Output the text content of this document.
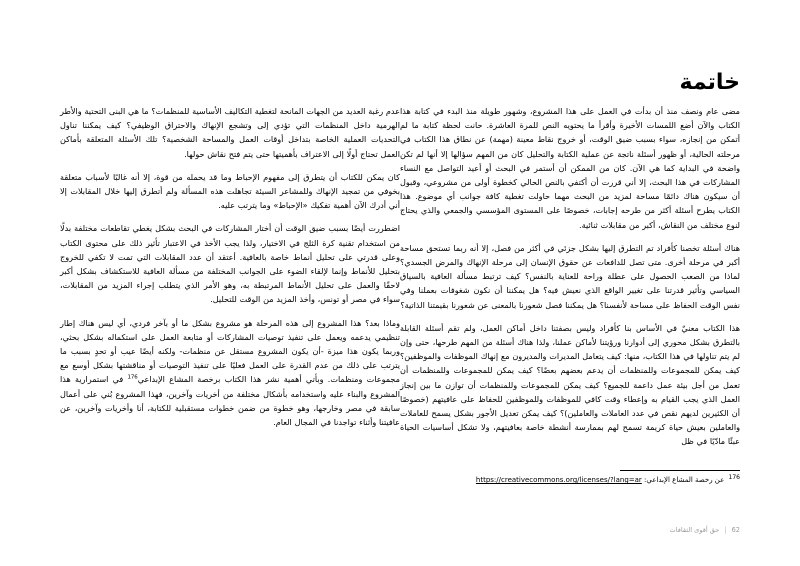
خاتمة

مضى عام ونصف منذ أن بدأت في العمل على هذا المشروع، وشهور طويلة منذ البدء في كتابة هذا الكتاب والآن أضع اللمسات الأخيرة وأقرأ ما يحتويه النص للمرة العاشرة. حانت لحظة كتابة ما لم أتمكن من إنجازه، سواء بسبب ضيق الوقت، أو خروج نقاط معينة (مهمة) عن نطاق هذا الكتاب في مرحلته الحالية، أو ظهور أسئلة ناتجة عن عملية الكتابة والتحليل كان من المهم سؤالها إلا أنها لم تكن واضحة في البداية كما هي الآن. كان من الممكن أن أستمر في البحث أو أعيد التواصل مع النساء المشاركات في هذا البحث، إلا أني قررت أن أكتفي بالنص الحالي كخطوة أولى من مشروعي، وقبول أن سيكون هناك دائمًا مساحة لمزيد من البحث مهما حاولت تغطية كافة جوانب أي موضوع. هذا الكتاب يطرح أسئلة أكثر من طرحه إجابات، خصوصًا على المستوى المؤسسي والجمعي والذي يحتاج لنوع مختلف من النقاش، أكبر من مقابلات ثنائية.

هناك أسئلة تخصنا كأفراد تم التطرق إليها بشكل جزئي في أكثر من فصل، إلا أنه ربما تستحق مساحة أكبر في مرحلة أخرى. متى تصل للدافعات عن حقوق الإنسان إلى مرحلة الإنهاك والمرض الجسدي؟ لماذا من الصعب الحصول على عطلة وراحة للعناية بالنفس؟ كيف ترتبط مسألة العافية بالسياق السياسي وتأثير قدرتنا على تغيير الواقع الذي نعيش فيه؟ هل يمكننا أن نكون شغوفات بعملنا وفي نفس الوقت الحفاظ على مساحة لأنفسنا؟ هل يمكننا فصل شعورنا بالمعنى عن شعورنا بقيمتنا الذاتية؟

هذا الكتاب معنيٌ في الأساس بنا كأفراد وليس بصفتنا داخل أماكن العمل، ولم تقم أسئلة القابلة بالتطرق بشكل محوري إلى أدوارنا ورؤيتنا لأماكن عملنا، ولذا هناك أسئلة من المهم طرحها، حتى وإن لم يتم تناولها في هذا الكتاب، منها: كيف يتعامل المديرات والمديرون مع إنهاك الموظفات والموظفين؟ كيف يمكن للمجموعات وللمنظمات أن يدعم بعضهم بعضًا؟ كيف يمكن للمجموعات وللمنظمات أن تعمل من أجل بيئة عمل داعمة للجميع؟ كيف يمكن للمجموعات وللمنظمات أن توازن ما بين إنجاز العمل الذي يجب القيام به وإعطاء وقت كافي للموظفات وللموظفين للحفاظ على عافيتهم (خصوصًا أن الكثيرين لديهم نقص في عدد العاملات والعاملين)؟ كيف يمكن تعديل الأجور بشكل يسمح للعاملات والعاملين بعيش حياة كريمة تسمح لهم بممارسة أنشطة خاصة بعافيتهم، ولا تشكل أساسيات الحياة عبئًا مادّيًا في ظل

عدم رغبة العديد من الجهات المانحة لتغطية التكاليف الأساسية للمنظمات؟ ما هي البنى التحتية والأطر الهرمية داخل المنظمات التي تؤدي إلى وتشجع الإنهاك والاحتراق الوظيفي؟ كيف يمكننا تناول التحديات العملية الخاصة بتداخل أوقات العمل والمساحة الشخصية؟ تلك الأسئلة المتعلقة بأماكن العمل تحتاج أولًا إلى الاعتراف بأهميتها حتى يتم فتح نقاش حولها.

كان يمكن للكتاب أن يتطرق إلى مفهوم الإحباط وما قد يحمله من قوة، إلا أنه غالبًا لأسباب متعلقة بخوفي من تمجيد الإنهاك وللمشاعر السيئة تجاهلت هذه المسألة ولم أتطرق إليها خلال المقابلات إلا أني أدرك الآن أهمية تفكيك «الإحباط» وما يترتب عليه.

اضطررت أيضًا بسبب ضيق الوقت أن أختار المشاركات في البحث بشكل يغطي تقاطعات مختلفة بدلًا من استخدام تقنية كرة الثلج في الاختيار، ولذا يجب الأخذ في الاعتبار تأثير ذلك على محتوى الكتاب وعلى قدرتي على تحليل أنماط خاصة بالعافية. أعتقد أن عدد المقابلات التي تمت لا تكفي للخروج بتحليل للأنماط وإنما لإلقاء الضوء على الجوانب المختلفة من مسألة العافية للاستكشاف بشكل أكبر لاحقًا والعمل على تحليل الأنماط المرتبطة به، وهو الأمر الذي يتطلب إجراء المزيد من المقابلات، سواء في مصر أو تونس، وأخذ المزيد من الوقت للتحليل.

وماذا بعد؟ هذا المشروع إلى هذه المرحلة هو مشروع بشكل ما أو بآخر فردي، أي ليس هناك إطار تنظيمي يدعمه ويعمل على تنفيذ توصيات المشاركات أو متابعة العمل على استكماله بشكل بحثي، وربما يكون هذا ميزة -أن يكون المشروع مستقل عن منظمات- ولكنه أيضًا عيب أو تحدٍ بسبب ما يترتب على ذلك من عدم القدرة على العمل فعليًا على تنفيذ التوصيات أو مناقشتها بشكل أوسع مع مجموعات ومنظمات. وبأتي أهمية نشر هذا الكتاب برخصة المشاع الإبداعي$^{176}$ في استمرارية هذا المشروع والبناء عليه واستخدامه بأشكال مختلفة من أخريات وآخرين، فهذا المشروع بُني على أعمال سابقة في مصر وخارجها، وهو خطوة من ضمن خطوات مستقبلية للكتابة، أنا وأخريات وآخرين، عن عافيتنا وأثناء تواجدنا في المجال العام.

176 عن رخصة المشاع الإبداعي: https://creativecommons.org/licenses/?lang=ar
62
|
حق أقوى الثقافات
